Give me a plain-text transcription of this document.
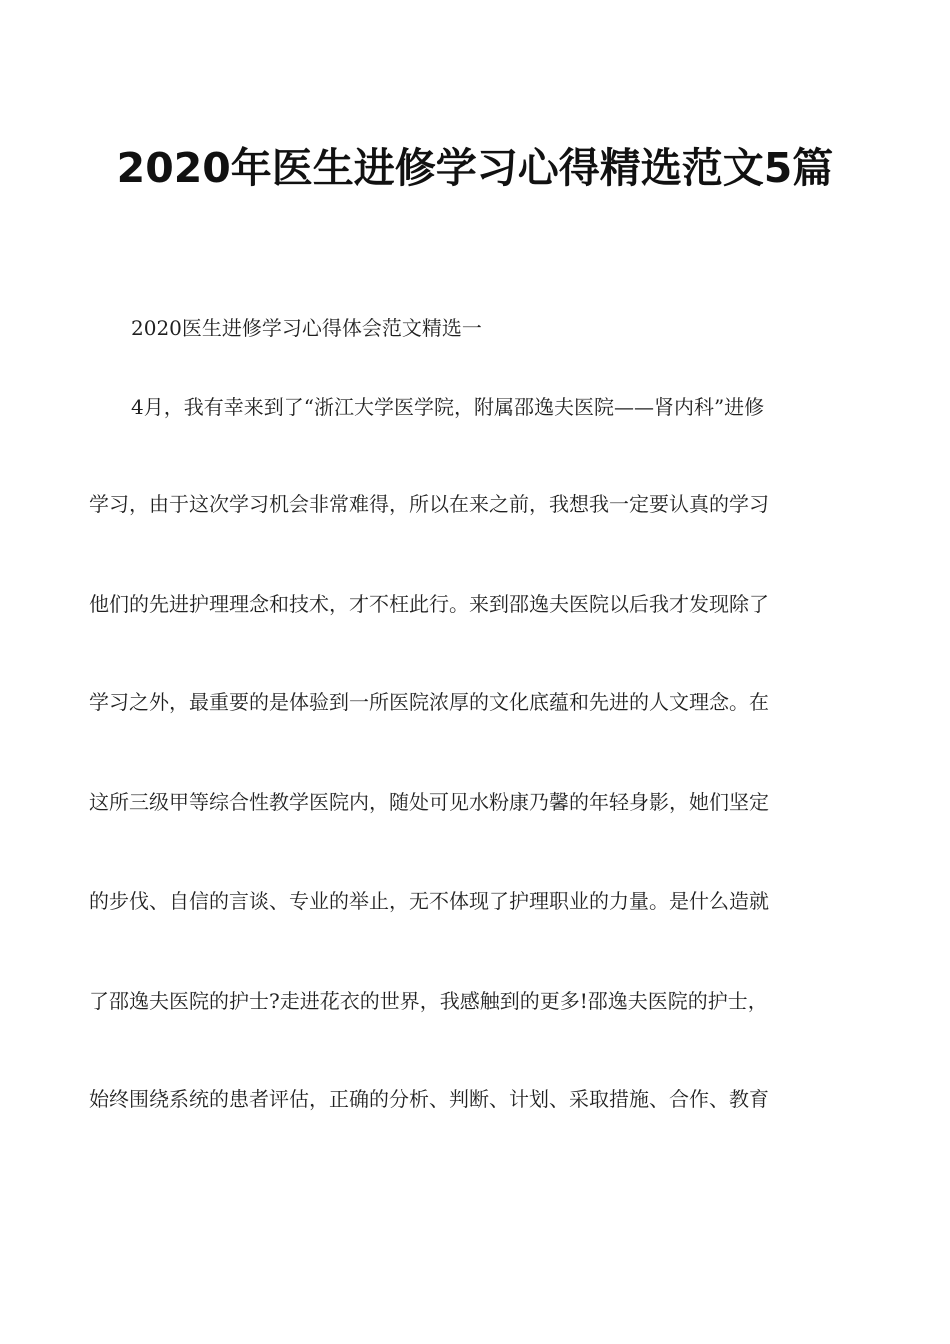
2020年医生进修学习心得精选范文5篇

2020医生进修学习心得体会范文精选一

4月，我有幸来到了“浙江大学医学院，附属邵逸夫医院——肾内科”进修

学习，由于这次学习机会非常难得，所以在来之前，我想我一定要认真的学习

他们的先进护理理念和技术，才不枉此行。来到邵逸夫医院以后我才发现除了

学习之外，最重要的是体验到一所医院浓厚的文化底蕴和先进的人文理念。在

这所三级甲等综合性教学医院内，随处可见水粉康乃馨的年轻身影，她们坚定

的步伐、自信的言谈、专业的举止，无不体现了护理职业的力量。是什么造就

了邵逸夫医院的护士?走进花衣的世界，我感触到的更多!邵逸夫医院的护士，

始终围绕系统的患者评估，正确的分析、判断、计划、采取措施、合作、教育
